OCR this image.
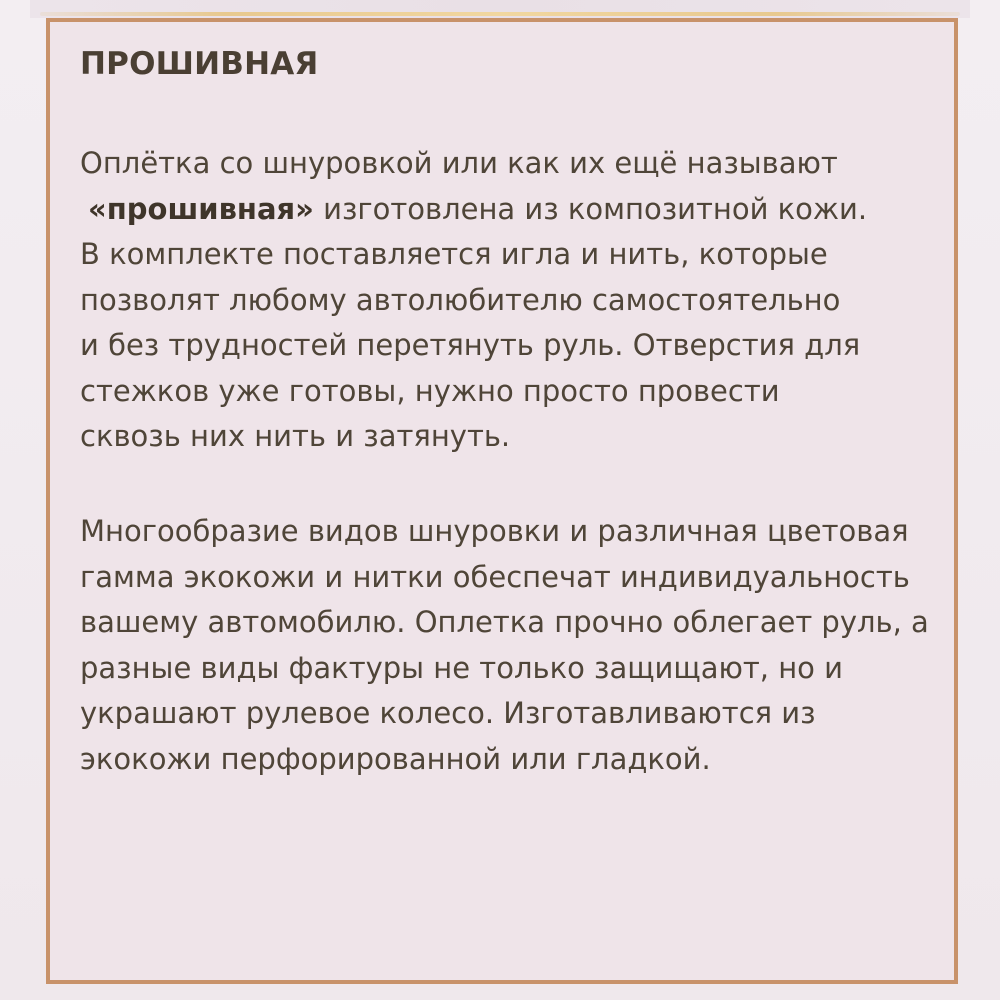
ПРОШИВНАЯ

Оплётка со шнуровкой или как их ещё называют
«прошивная» изготовлена из композитной кожи.
В комплекте поставляется игла и нить, которые
позволят любому автолюбителю самостоятельно
и без трудностей перетянуть руль. Отверстия для
стежков уже готовы, нужно просто провести
сквозь них нить и затянуть.

Многообразие видов шнуровки и различная цветовая
гамма экокожи и нитки обеспечат индивидуальность
вашему автомобилю. Оплетка прочно облегает руль, а
разные виды фактуры не только защищают, но и
украшают рулевое колесо. Изготавливаются из
экокожи перфорированной или гладкой.
